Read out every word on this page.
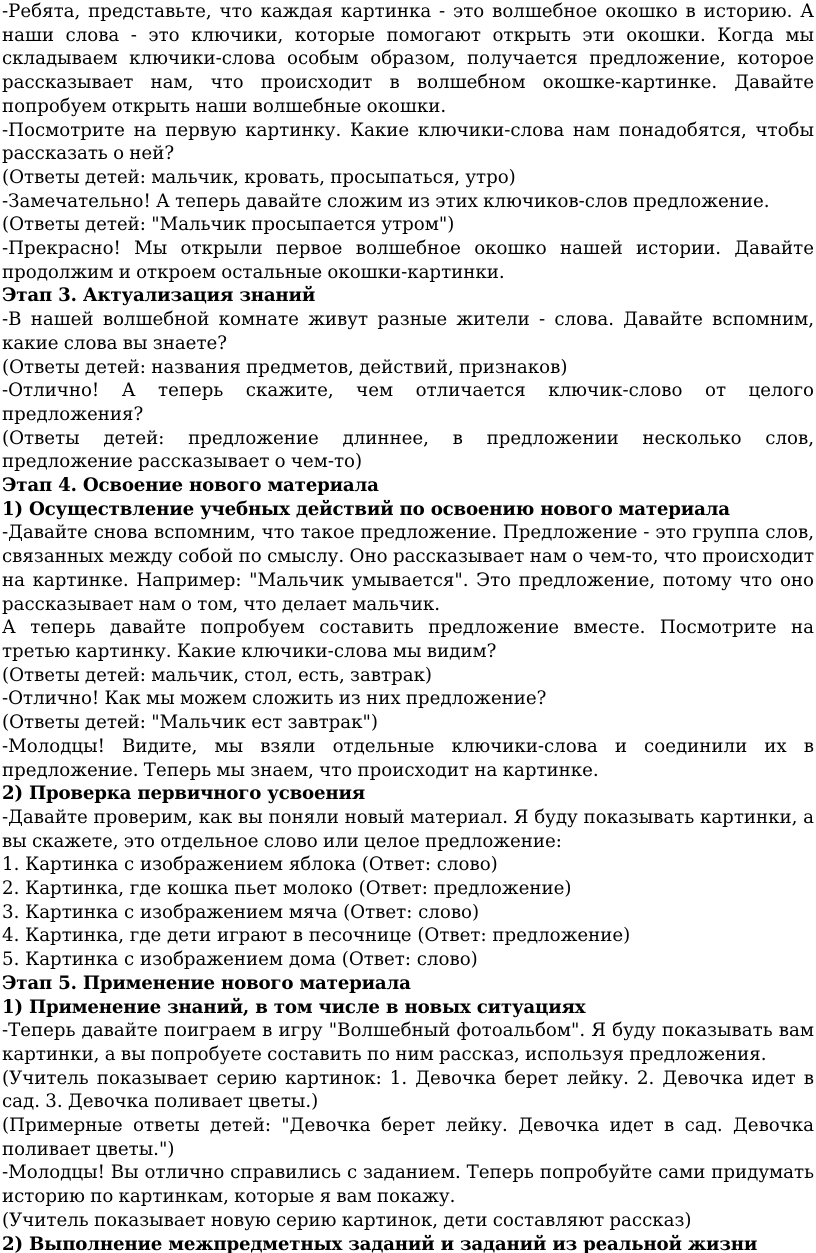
-Ребята, представьте, что каждая картинка - это волшебное окошко в историю. А наши слова - это ключики, которые помогают открыть эти окошки. Когда мы складываем ключики-слова особым образом, получается предложение, которое рассказывает нам, что происходит в волшебном окошке-картинке. Давайте попробуем открыть наши волшебные окошки.

-Посмотрите на первую картинку. Какие ключики-слова нам понадобятся, чтобы рассказать о ней?

(Ответы детей: мальчик, кровать, просыпаться, утро)

-Замечательно! А теперь давайте сложим из этих ключиков-слов предложение.

(Ответы детей: "Мальчик просыпается утром")

-Прекрасно! Мы открыли первое волшебное окошко нашей истории. Давайте продолжим и откроем остальные окошки-картинки.

Этап 3. Актуализация знаний

-В нашей волшебной комнате живут разные жители - слова. Давайте вспомним, какие слова вы знаете?

(Ответы детей: названия предметов, действий, признаков)

-Отлично! А теперь скажите, чем отличается ключик-слово от целого предложения?

(Ответы детей: предложение длиннее, в предложении несколько слов, предложение рассказывает о чем-то)

Этап 4. Освоение нового материала

1) Осуществление учебных действий по освоению нового материала

-Давайте снова вспомним, что такое предложение. Предложение - это группа слов, связанных между собой по смыслу. Оно рассказывает нам о чем-то, что происходит на картинке. Например: "Мальчик умывается". Это предложение, потому что оно рассказывает нам о том, что делает мальчик.

А теперь давайте попробуем составить предложение вместе. Посмотрите на третью картинку. Какие ключики-слова мы видим?

(Ответы детей: мальчик, стол, есть, завтрак)

-Отлично! Как мы можем сложить из них предложение?

(Ответы детей: "Мальчик ест завтрак")

-Молодцы! Видите, мы взяли отдельные ключики-слова и соединили их в предложение. Теперь мы знаем, что происходит на картинке.

2) Проверка первичного усвоения

-Давайте проверим, как вы поняли новый материал. Я буду показывать картинки, а вы скажете, это отдельное слово или целое предложение:

1. Картинка с изображением яблока (Ответ: слово)

2. Картинка, где кошка пьет молоко (Ответ: предложение)

3. Картинка с изображением мяча (Ответ: слово)

4. Картинка, где дети играют в песочнице (Ответ: предложение)

5. Картинка с изображением дома (Ответ: слово)

Этап 5. Применение нового материала

1) Применение знаний, в том числе в новых ситуациях

-Теперь давайте поиграем в игру "Волшебный фотоальбом". Я буду показывать вам картинки, а вы попробуете составить по ним рассказ, используя предложения.

(Учитель показывает серию картинок: 1. Девочка берет лейку. 2. Девочка идет в сад. 3. Девочка поливает цветы.)

(Примерные ответы детей: "Девочка берет лейку. Девочка идет в сад. Девочка поливает цветы.")

-Молодцы! Вы отлично справились с заданием. Теперь попробуйте сами придумать историю по картинкам, которые я вам покажу.

(Учитель показывает новую серию картинок, дети составляют рассказ)

2) Выполнение межпредметных заданий и заданий из реальной жизни
